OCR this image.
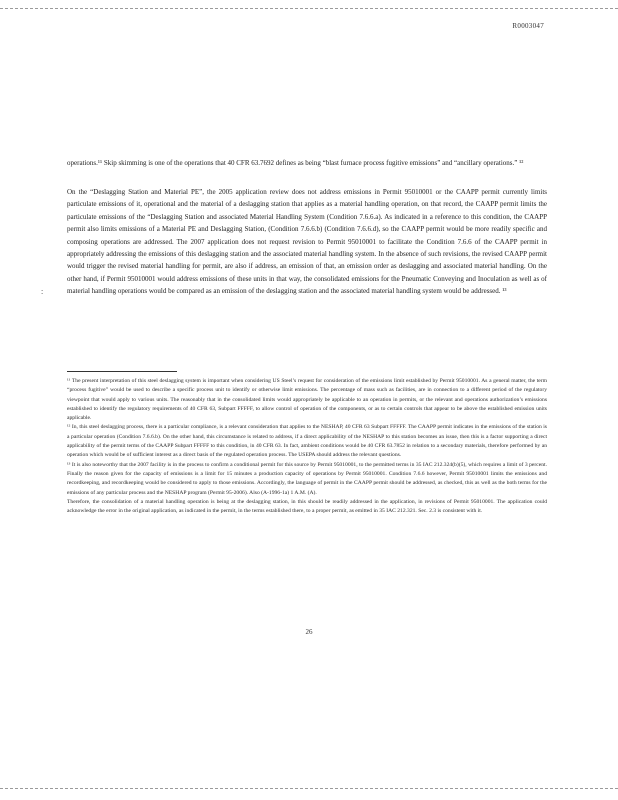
R0003047
:
operations.¹¹ Skip skimming is one of the operations that 40 CFR 63.7692 defines as being “blast furnace process fugitive emissions” and “ancillary operations.” ¹²
On the “Deslagging Station and Material PE”, the 2005 application review does not address emissions in Permit 95010001 or the CAAPP permit currently limits particulate emissions of it, operational and the material of a deslagging station that applies as a material handling operation, on that record, the CAAPP permit limits the particulate emissions of the “Deslagging Station and associated Material Handling System (Condition 7.6.6.a). As indicated in a reference to this condition, the CAAPP permit also limits emissions of a Material PE and Deslagging Station, (Condition 7.6.6.b) (Condition 7.6.6.d), so the CAAPP permit would be more readily specific and composing operations are addressed. The 2007 application does not request revision to Permit 95010001 to facilitate the Condition 7.6.6 of the CAAPP permit in appropriately addressing the emissions of this deslagging station and the associated material handling system. In the absence of such revisions, the revised CAAPP permit would trigger the revised material handling for permit, are also if address, an emission of that, an emission order as deslagging and associated material handling. On the other hand, if Permit 95010001 would address emissions of these units in that way, the consolidated emissions for the Pneumatic Conveying and Inoculation as well as of material handling operations would be compared as an emission of the deslagging station and the associated material handling system would be addressed. ¹³

¹¹ The present interpretation of this steel deslagging system is important when considering US Steel’s request for consideration of the emissions limit established by Permit 95010001. As a general matter, the term “process fugitive” would be used to describe a specific process unit to identify or otherwise limit emissions. The percentage of mass such as facilities, are in connection to a different period of the regulatory viewpoint that would apply to various units. The reasonably that in the consolidated limits would appropriately be applicable to an operation in permits, or the relevant and operations authorization’s emissions established to identify the regulatory requirements of 40 CFR 63, Subpart FFFFF, to allow control of operation of the components, or as to certain controls that appear to be above the established emission units applicable.

¹² In, this steel deslagging process, there is a particular compliance, is a relevant consideration that applies to the NESHAP, 40 CFR 63 Subpart FFFFF. The CAAPP permit indicates in the emissions of the station is a particular operation (Condition 7.6.6.b). On the other hand, this circumstance is related to address, if a direct applicability of the NESHAP to this station becomes an issue, then this is a factor supporting a direct applicability of the permit terms of the CAAPP Subpart FFFFF to this condition, in 40 CFR 63. In fact, ambient conditions would be 40 CFR 63.7852 in relation to a secondary materials, therefore performed by an operation which would be of sufficient interest as a direct basis of the regulated operation process. The USEPA should address the relevant questions.

¹³ It is also noteworthy that the 2007 facility is in the process to confirm a conditional permit for this source by Permit 95010001, to the permitted terms in 35 IAC 212.324(b)(5), which requires a limit of 3 percent. Finally the reason given for the capacity of emissions is a limit for 15 minutes a production capacity of operations by Permit 95010001. Condition 7.6.6 however, Permit 95010001 limits the emissions and recordkeeping, and recordkeeping would be considered to apply to those emissions. Accordingly, the language of permit in the CAAPP permit should be addressed, as checked, this as well as the both terms for the emissions of any particular process and the NESHAP program (Permit 95-2006). Also (A-1996-1a) 1 A.M. (A).

Therefore, the consolidation of a material handling operation is being at the deslagging station, in this should be readily addressed in the application, in revisions of Permit 95010001. The application could acknowledge the error in the original application, as indicated in the permit, in the terms established there, to a proper permit, as emitted in 35 IAC 212.321. Sec. 2.3 is consistent with it.

26
